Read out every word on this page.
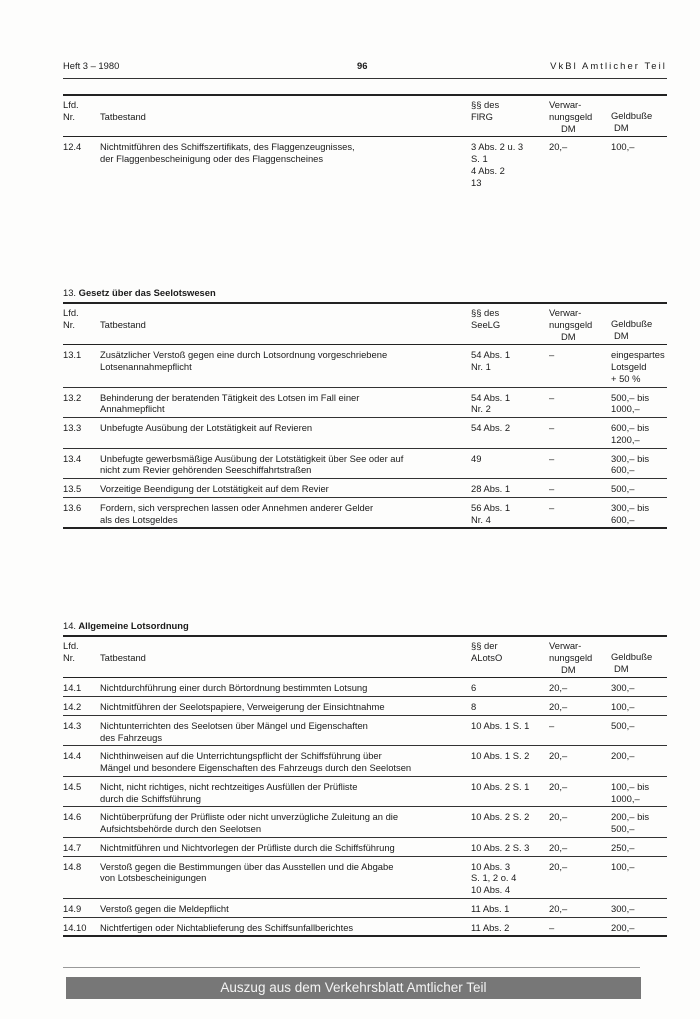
Heft 3 – 1980	96	VkBl Amtlicher Teil
Lfd.
Nr.	Tatbestand	§§ des
FlRG	Verwar-
nungsgeld
DM	Geldbuße
DM

12.4	Nichtmitführen des Schiffszertifikats, des Flaggenzeugnisses,
der Flaggenbescheinigung oder des Flaggenscheines	3 Abs. 2 u. 3
S. 1
4 Abs. 2
13	20,–	100,–
13. Gesetz über das Seelotswesen
Lfd.
Nr.	Tatbestand	§§ des
SeeLG	Verwar-
nungsgeld
DM	Geldbuße
DM

13.1	Zusätzlicher Verstoß gegen eine durch Lotsordnung vorgeschriebene
Lotsenannahmepflicht	54 Abs. 1
Nr. 1	–	eingespartes
Lotsgeld
+ 50 %

13.2	Behinderung der beratenden Tätigkeit des Lotsen im Fall einer
Annahmepflicht	54 Abs. 1
Nr. 2	–	500,– bis
1000,–

13.3	Unbefugte Ausübung der Lotstätigkeit auf Revieren	54 Abs. 2	–	600,– bis
1200,–

13.4	Unbefugte gewerbsmäßige Ausübung der Lotstätigkeit über See oder auf
nicht zum Revier gehörenden Seeschiffahrtstraßen	49	–	300,– bis
600,–

13.5	Vorzeitige Beendigung der Lotstätigkeit auf dem Revier	28 Abs. 1	–	500,–

13.6	Fordern, sich versprechen lassen oder Annehmen anderer Gelder
als des Lotsgeldes	56 Abs. 1
Nr. 4	–	300,– bis
600,–
14. Allgemeine Lotsordnung
Lfd.
Nr.	Tatbestand	§§ der
ALotsO	Verwar-
nungsgeld
DM	Geldbuße
DM

14.1	Nichtdurchführung einer durch Börtordnung bestimmten Lotsung	6	20,–	300,–

14.2	Nichtmitführen der Seelotspapiere, Verweigerung der Einsichtnahme	8	20,–	100,–

14.3	Nichtunterrichten des Seelotsen über Mängel und Eigenschaften
des Fahrzeugs	10 Abs. 1 S. 1	–	500,–

14.4	Nichthinweisen auf die Unterrichtungspflicht der Schiffsführung über
Mängel und besondere Eigenschaften des Fahrzeugs durch den Seelotsen	10 Abs. 1 S. 2	20,–	200,–

14.5	Nicht, nicht richtiges, nicht rechtzeitiges Ausfüllen der Prüfliste
durch die Schiffsführung	10 Abs. 2 S. 1	20,–	100,– bis
1000,–

14.6	Nichtüberprüfung der Prüfliste oder nicht unverzügliche Zuleitung an die
Aufsichtsbehörde durch den Seelotsen	10 Abs. 2 S. 2	20,–	200,– bis
500,–

14.7	Nichtmitführen und Nichtvorlegen der Prüfliste durch die Schiffsführung	10 Abs. 2 S. 3	20,–	250,–

14.8	Verstoß gegen die Bestimmungen über das Ausstellen und die Abgabe
von Lotsbescheinigungen	10 Abs. 3
S. 1, 2 o. 4
10 Abs. 4	20,–	100,–

14.9	Verstoß gegen die Meldepflicht	11 Abs. 1	20,–	300,–

14.10	Nichtfertigen oder Nichtablieferung des Schiffsunfallberichtes	11 Abs. 2	–	200,–
Auszug aus dem Verkehrsblatt Amtlicher Teil
